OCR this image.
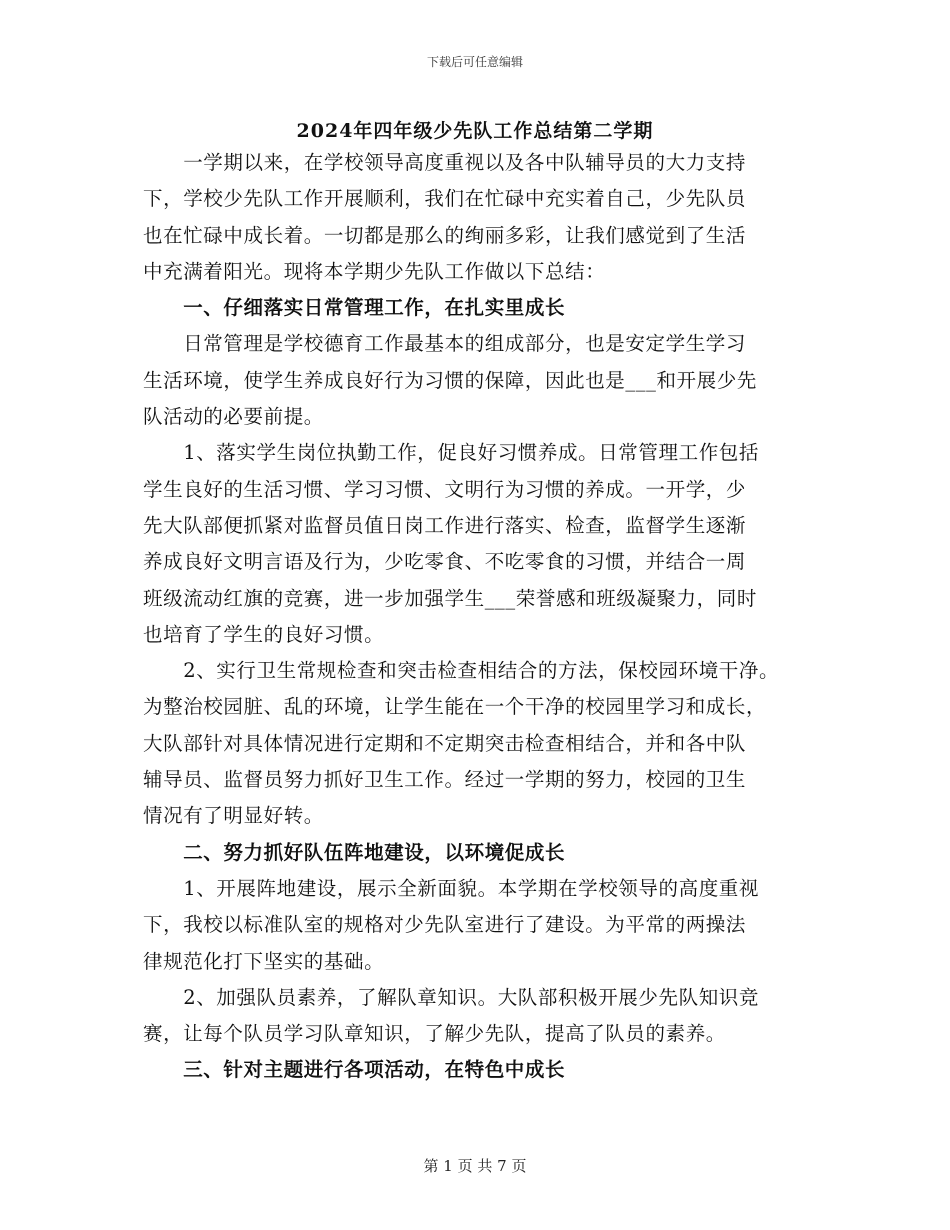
下载后可任意编辑
2024年四年级少先队工作总结第二学期
　　一学期以来，在学校领导高度重视以及各中队辅导员的大力支持
下，学校少先队工作开展顺利，我们在忙碌中充实着自己，少先队员
也在忙碌中成长着。一切都是那么的绚丽多彩，让我们感觉到了生活
中充满着阳光。现将本学期少先队工作做以下总结：
　　一、仔细落实日常管理工作，在扎实里成长
　　日常管理是学校德育工作最基本的组成部分，也是安定学生学习
生活环境，使学生养成良好行为习惯的保障，因此也是___和开展少先
队活动的必要前提。
　　1、落实学生岗位执勤工作，促良好习惯养成。日常管理工作包括
学生良好的生活习惯、学习习惯、文明行为习惯的养成。一开学，少
先大队部便抓紧对监督员值日岗工作进行落实、检查，监督学生逐渐
养成良好文明言语及行为，少吃零食、不吃零食的习惯，并结合一周
班级流动红旗的竞赛，进一步加强学生___荣誉感和班级凝聚力，同时
也培育了学生的良好习惯。
　　2、实行卫生常规检查和突击检查相结合的方法，保校园环境干净。
为整治校园脏、乱的环境，让学生能在一个干净的校园里学习和成长，
大队部针对具体情况进行定期和不定期突击检查相结合，并和各中队
辅导员、监督员努力抓好卫生工作。经过一学期的努力，校园的卫生
情况有了明显好转。
　　二、努力抓好队伍阵地建设，以环境促成长
　　1、开展阵地建设，展示全新面貌。本学期在学校领导的高度重视
下，我校以标准队室的规格对少先队室进行了建设。为平常的两操法
律规范化打下坚实的基础。
　　2、加强队员素养，了解队章知识。大队部积极开展少先队知识竞
赛，让每个队员学习队章知识，了解少先队，提高了队员的素养。
　　三、针对主题进行各项活动，在特色中成长
第 1 页 共 7 页
